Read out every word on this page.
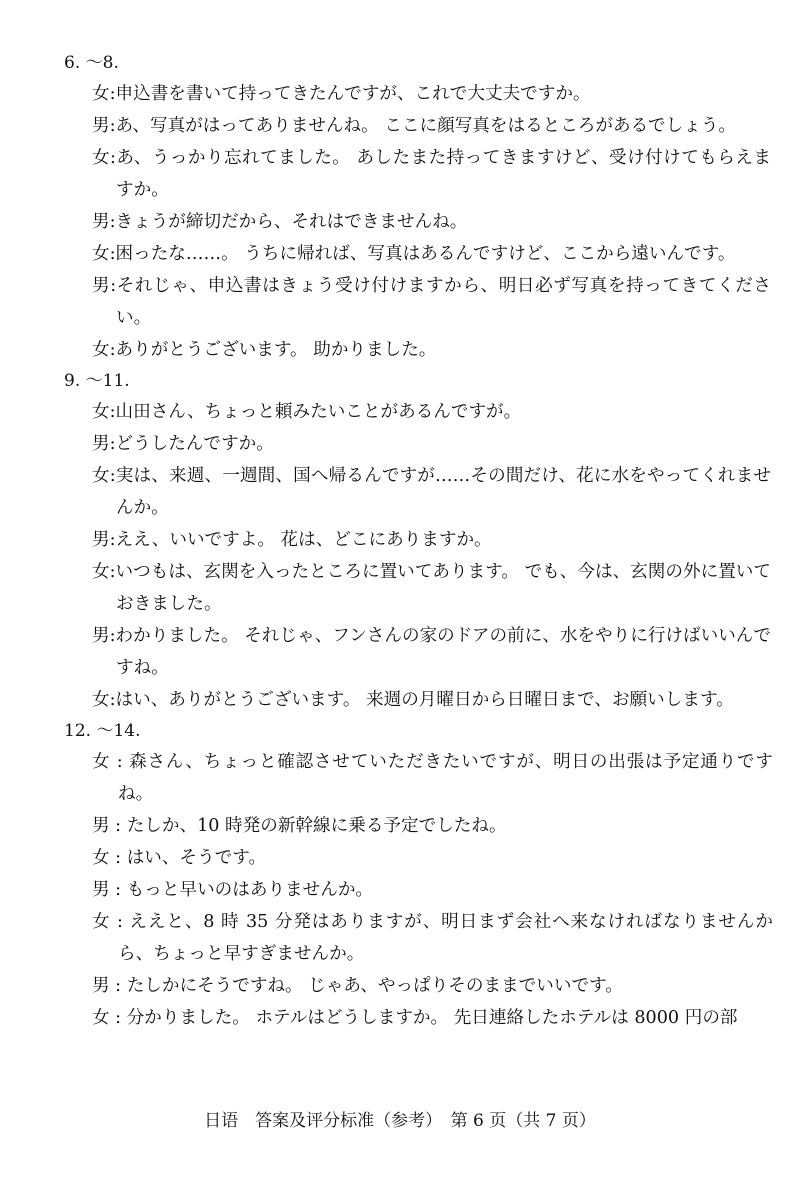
6. ～8.
女:申込書を書いて持ってきたんですが、これで大丈夫ですか。
男:あ、写真がはってありませんね。 ここに顔写真をはるところがあるでしょう。
女:あ、うっかり忘れてました。 あしたまた持ってきますけど、受け付けてもらえますか。
男:きょうが締切だから、それはできませんね。
女:困ったな……。 うちに帰れば、写真はあるんですけど、ここから遠いんです。
男:それじゃ、申込書はきょう受け付けますから、明日必ず写真を持ってきてください。
女:ありがとうございます。 助かりました。
9. ～11.
女:山田さん、ちょっと頼みたいことがあるんですが。
男:どうしたんですか。
女:実は、来週、一週間、国へ帰るんですが……その間だけ、花に水をやってくれませんか。
男:ええ、いいですよ。 花は、どこにありますか。
女:いつもは、玄関を入ったところに置いてあります。 でも、今は、玄関の外に置いておきました。
男:わかりました。 それじゃ、フンさんの家のドアの前に、水をやりに行けばいいんですね。
女:はい、ありがとうございます。 来週の月曜日から日曜日まで、お願いします。
12. ～14.
女 : 森さん、ちょっと確認させていただきたいですが、明日の出張は予定通りですね。
男 : たしか、10 時発の新幹線に乗る予定でしたね。
女 : はい、そうです。
男 : もっと早いのはありませんか。
女 : ええと、8 時 35 分発はありますが、明日まず会社へ来なければなりませんから、ちょっと早すぎませんか。
男 : たしかにそうですね。 じゃあ、やっぱりそのままでいいです。
女 : 分かりました。 ホテルはどうしますか。 先日連絡したホテルは 8000 円の部
日语　答案及评分标准（参考）　第 6 页（共 7 页）
